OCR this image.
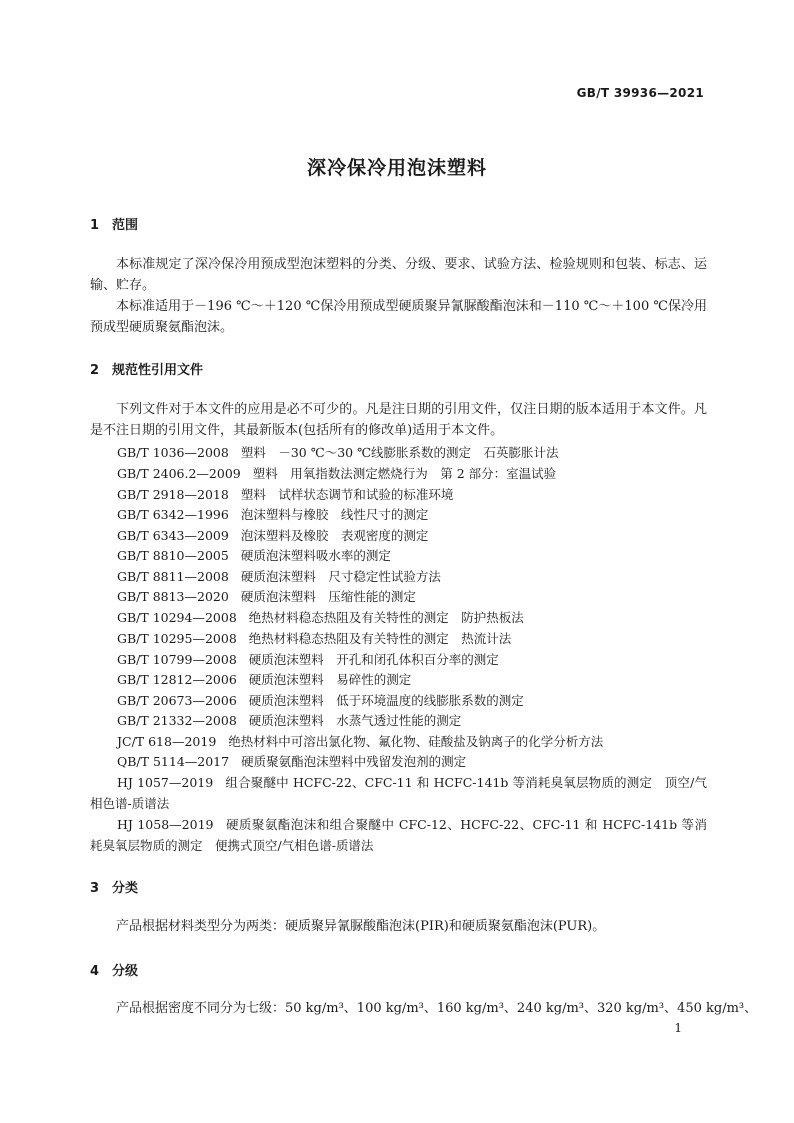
GB/T 39936—2021
深冷保冷用泡沫塑料
1 范围
本标准规定了深冷保冷用预成型泡沫塑料的分类、分级、要求、试验方法、检验规则和包装、标志、运输、贮存。
本标准适用于－196 ℃～＋120 ℃保冷用预成型硬质聚异氰脲酸酯泡沫和－110 ℃～＋100 ℃保冷用预成型硬质聚氨酯泡沫。
2 规范性引用文件
下列文件对于本文件的应用是必不可少的。凡是注日期的引用文件，仅注日期的版本适用于本文件。凡是不注日期的引用文件，其最新版本(包括所有的修改单)适用于本文件。
GB/T 1036—2008 塑料　－30 ℃～30 ℃线膨胀系数的测定　石英膨胀计法
GB/T 2406.2—2009 塑料　用氧指数法测定燃烧行为　第 2 部分：室温试验
GB/T 2918—2018 塑料　试样状态调节和试验的标准环境
GB/T 6342—1996 泡沫塑料与橡胶　线性尺寸的测定
GB/T 6343—2009 泡沫塑料及橡胶　表观密度的测定
GB/T 8810—2005 硬质泡沫塑料吸水率的测定
GB/T 8811—2008 硬质泡沫塑料　尺寸稳定性试验方法
GB/T 8813—2020 硬质泡沫塑料　压缩性能的测定
GB/T 10294—2008 绝热材料稳态热阻及有关特性的测定　防护热板法
GB/T 10295—2008 绝热材料稳态热阻及有关特性的测定　热流计法
GB/T 10799—2008 硬质泡沫塑料　开孔和闭孔体积百分率的测定
GB/T 12812—2006 硬质泡沫塑料　易碎性的测定
GB/T 20673—2006 硬质泡沫塑料　低于环境温度的线膨胀系数的测定
GB/T 21332—2008 硬质泡沫塑料　水蒸气透过性能的测定
JC/T 618—2019 绝热材料中可溶出氯化物、氟化物、硅酸盐及钠离子的化学分析方法
QB/T 5114—2017 硬质聚氨酯泡沫塑料中残留发泡剂的测定
HJ 1057—2019 组合聚醚中 HCFC-22、CFC-11 和 HCFC-141b 等消耗臭氧层物质的测定　顶空/气相色谱-质谱法
HJ 1058—2019 硬质聚氨酯泡沫和组合聚醚中 CFC-12、HCFC-22、CFC-11 和 HCFC-141b 等消耗臭氧层物质的测定　便携式顶空/气相色谱-质谱法
3 分类
产品根据材料类型分为两类：硬质聚异氰脲酸酯泡沫(PIR)和硬质聚氨酯泡沫(PUR)。
4 分级
产品根据密度不同分为七级：50 kg/m³、100 kg/m³、160 kg/m³、240 kg/m³、320 kg/m³、450 kg/m³、
1
